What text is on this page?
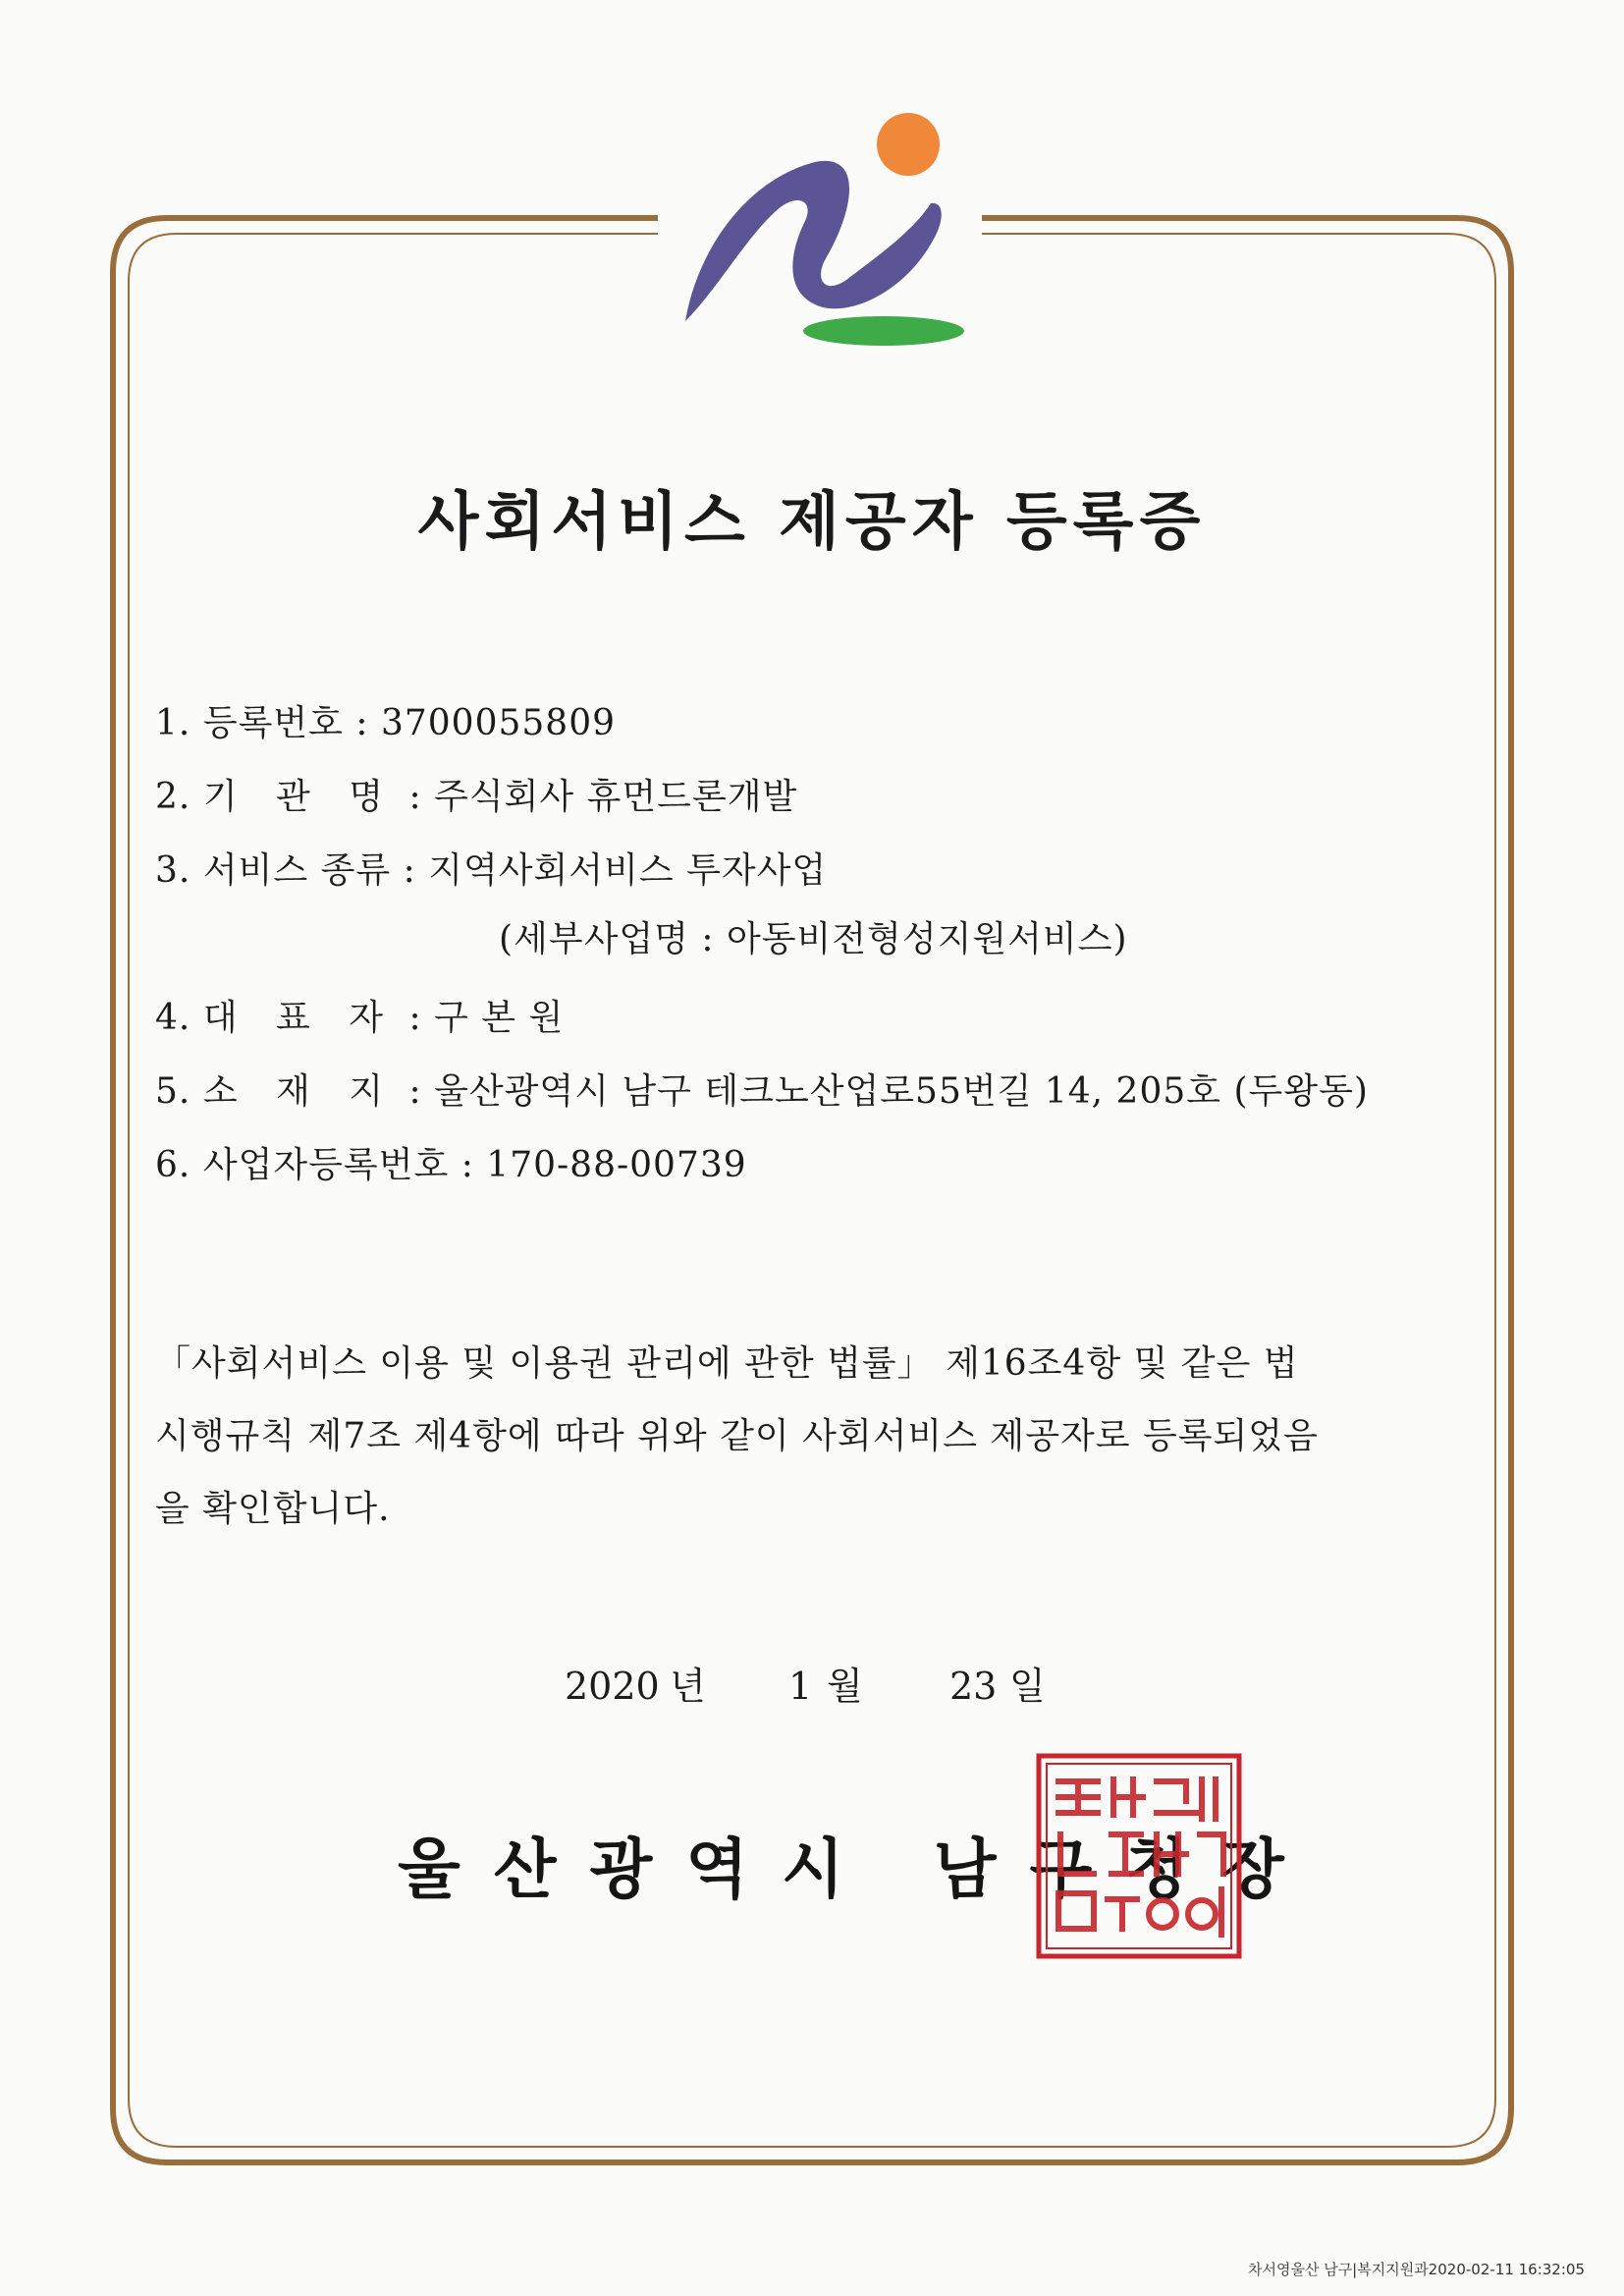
사회서비스 제공자 등록증
1. 등록번호 : 3700055809
2. 기 관 명 : 주식회사 휴먼드론개발
3. 서비스 종류 : 지역사회서비스 투자사업
(세부사업명 : 아동비전형성지원서비스)
4. 대 표 자 : 구 본 원
5. 소 재 지 : 울산광역시 남구 테크노산업로55번길 14, 205호 (두왕동)
6. 사업자등록번호 : 170-88-00739
「사회서비스 이용 및 이용권 관리에 관한 법률」 제16조4항 및 같은 법
시행규칙 제7조 제4항에 따라 위와 같이 사회서비스 제공자로 등록되었음
을 확인합니다.
2020 년 1 월 23 일
울산광역시 남구청장
차서영울산 남구|복지지원과2020-02-11 16:32:05
